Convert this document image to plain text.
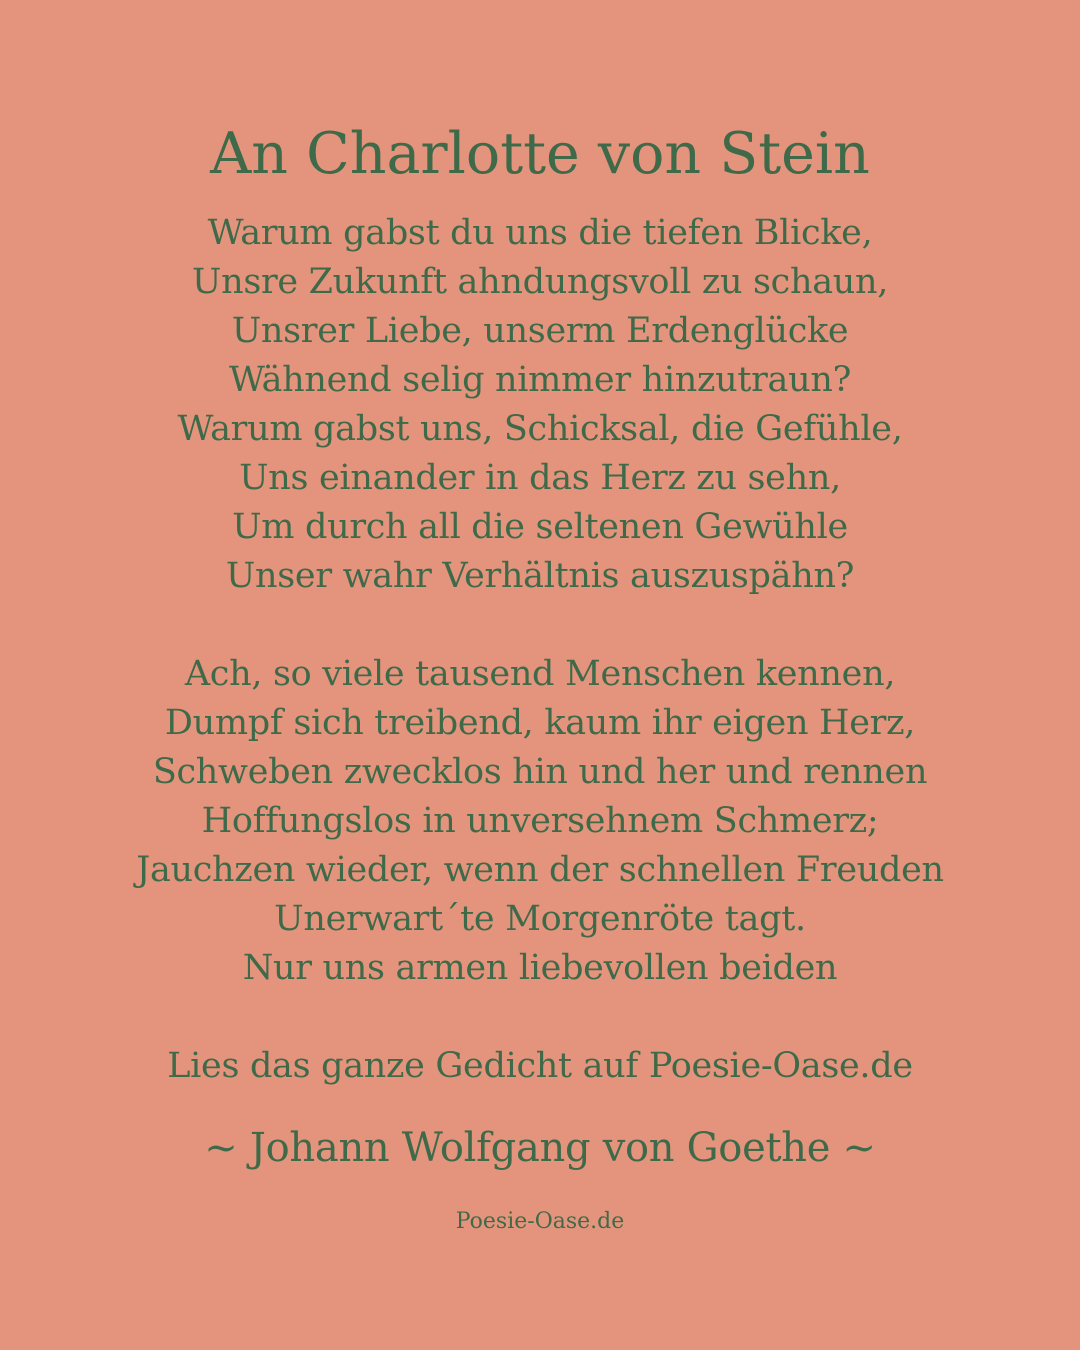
An Charlotte von Stein
Warum gabst du uns die tiefen Blicke,
Unsre Zukunft ahndungsvoll zu schaun,
Unsrer Liebe, unserm Erdenglücke
Wähnend selig nimmer hinzutraun?
Warum gabst uns, Schicksal, die Gefühle,
Uns einander in das Herz zu sehn,
Um durch all die seltenen Gewühle
Unser wahr Verhältnis auszuspähn?
Ach, so viele tausend Menschen kennen,
Dumpf sich treibend, kaum ihr eigen Herz,
Schweben zwecklos hin und her und rennen
Hoffungslos in unversehnem Schmerz;
Jauchzen wieder, wenn der schnellen Freuden
Unerwart´te Morgenröte tagt.
Nur uns armen liebevollen beiden
Lies das ganze Gedicht auf Poesie-Oase.de
~ Johann Wolfgang von Goethe ~
Poesie-Oase.de
